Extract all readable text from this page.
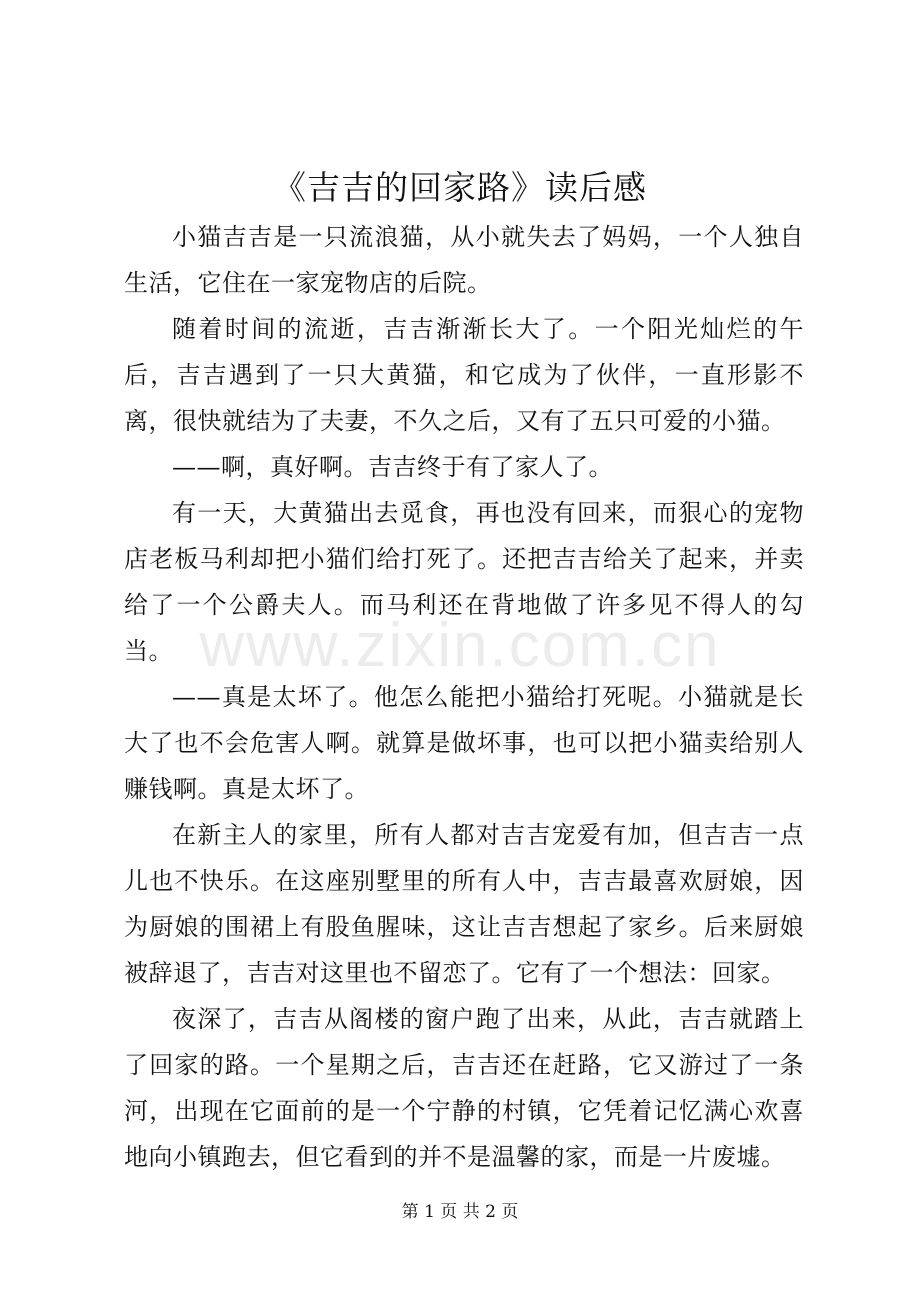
《吉吉的回家路》读后感

小猫吉吉是一只流浪猫，从小就失去了妈妈，一个人独自生活，它住在一家宠物店的后院。

随着时间的流逝，吉吉渐渐长大了。一个阳光灿烂的午后，吉吉遇到了一只大黄猫，和它成为了伙伴，一直形影不离，很快就结为了夫妻，不久之后，又有了五只可爱的小猫。

——啊，真好啊。吉吉终于有了家人了。

有一天，大黄猫出去觅食，再也没有回来，而狠心的宠物店老板马利却把小猫们给打死了。还把吉吉给关了起来，并卖给了一个公爵夫人。而马利还在背地做了许多见不得人的勾当。

——真是太坏了。他怎么能把小猫给打死呢。小猫就是长大了也不会危害人啊。就算是做坏事，也可以把小猫卖给别人赚钱啊。真是太坏了。

在新主人的家里，所有人都对吉吉宠爱有加，但吉吉一点儿也不快乐。在这座别墅里的所有人中，吉吉最喜欢厨娘，因为厨娘的围裙上有股鱼腥味，这让吉吉想起了家乡。后来厨娘被辞退了，吉吉对这里也不留恋了。它有了一个想法：回家。

夜深了，吉吉从阁楼的窗户跑了出来，从此，吉吉就踏上了回家的路。一个星期之后，吉吉还在赶路，它又游过了一条河，出现在它面前的是一个宁静的村镇，它凭着记忆满心欢喜地向小镇跑去，但它看到的并不是温馨的家，而是一片废墟。

www.zixin.com.cn
第 1 页 共 2 页
